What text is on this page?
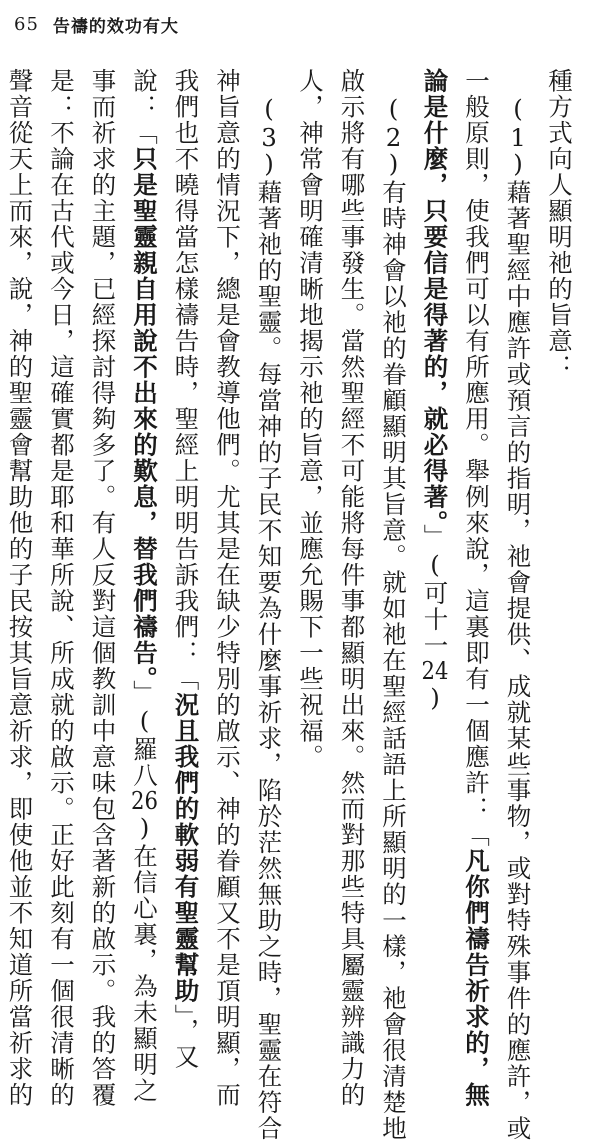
65 告禱的效功有大
種方式向人顯明祂的旨意：
　(1)藉著聖經中應許或預言的指明，祂會提供、成就某些事物，或對特殊事件的應許，或
一般原則，使我們可以有所應用。舉例來說，這裏即有一個應許：「凡你們禱告祈求的，無
論是什麼，只要信是得著的，就必得著。」(可十一24)
　(2)有時神會以祂的眷顧顯明其旨意。就如祂在聖經話語上所顯明的一樣，祂會很清楚地
啟示將有哪些事發生。當然聖經不可能將每件事都顯明出來。然而對那些特具屬靈辨識力的
人，神常會明確清晰地揭示祂的旨意，並應允賜下一些祝福。
　(3)藉著祂的聖靈。每當神的子民不知要為什麼事祈求，陷於茫然無助之時，聖靈在符合
神旨意的情況下，總是會教導他們。尤其是在缺少特別的啟示、神的眷顧又不是頂明顯，而
我們也不曉得當怎樣禱告時，聖經上明明告訴我們：「況且我們的軟弱有聖靈幫助」，又
說：「只是聖靈親自用說不出來的歎息，替我們禱告。」(羅八26)在信心裏，為未顯明之
事而祈求的主題，已經探討得夠多了。有人反對這個教訓中意味包含著新的啟示。我的答覆
是：不論在古代或今日，這確實都是耶和華所說、所成就的啟示。正好此刻有一個很清晰的
聲音從天上而來，說，神的聖靈會幫助他的子民按其旨意祈求，即使他並不知道所當祈求的
